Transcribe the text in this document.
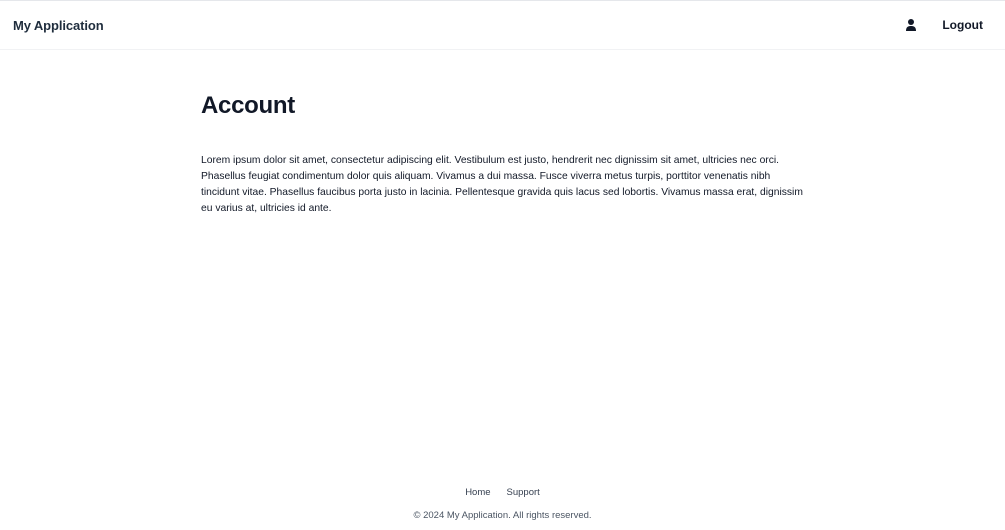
My Application	Logout
Account

Lorem ipsum dolor sit amet, consectetur adipiscing elit. Vestibulum est justo, hendrerit nec dignissim sit amet, ultricies nec orci. Phasellus feugiat condimentum dolor quis aliquam. Vivamus a dui massa. Fusce viverra metus turpis, porttitor venenatis nibh tincidunt vitae. Phasellus faucibus porta justo in lacinia. Pellentesque gravida quis lacus sed lobortis. Vivamus massa erat, dignissim eu varius at, ultricies id ante.

Home Support
© 2024 My Application. All rights reserved.
